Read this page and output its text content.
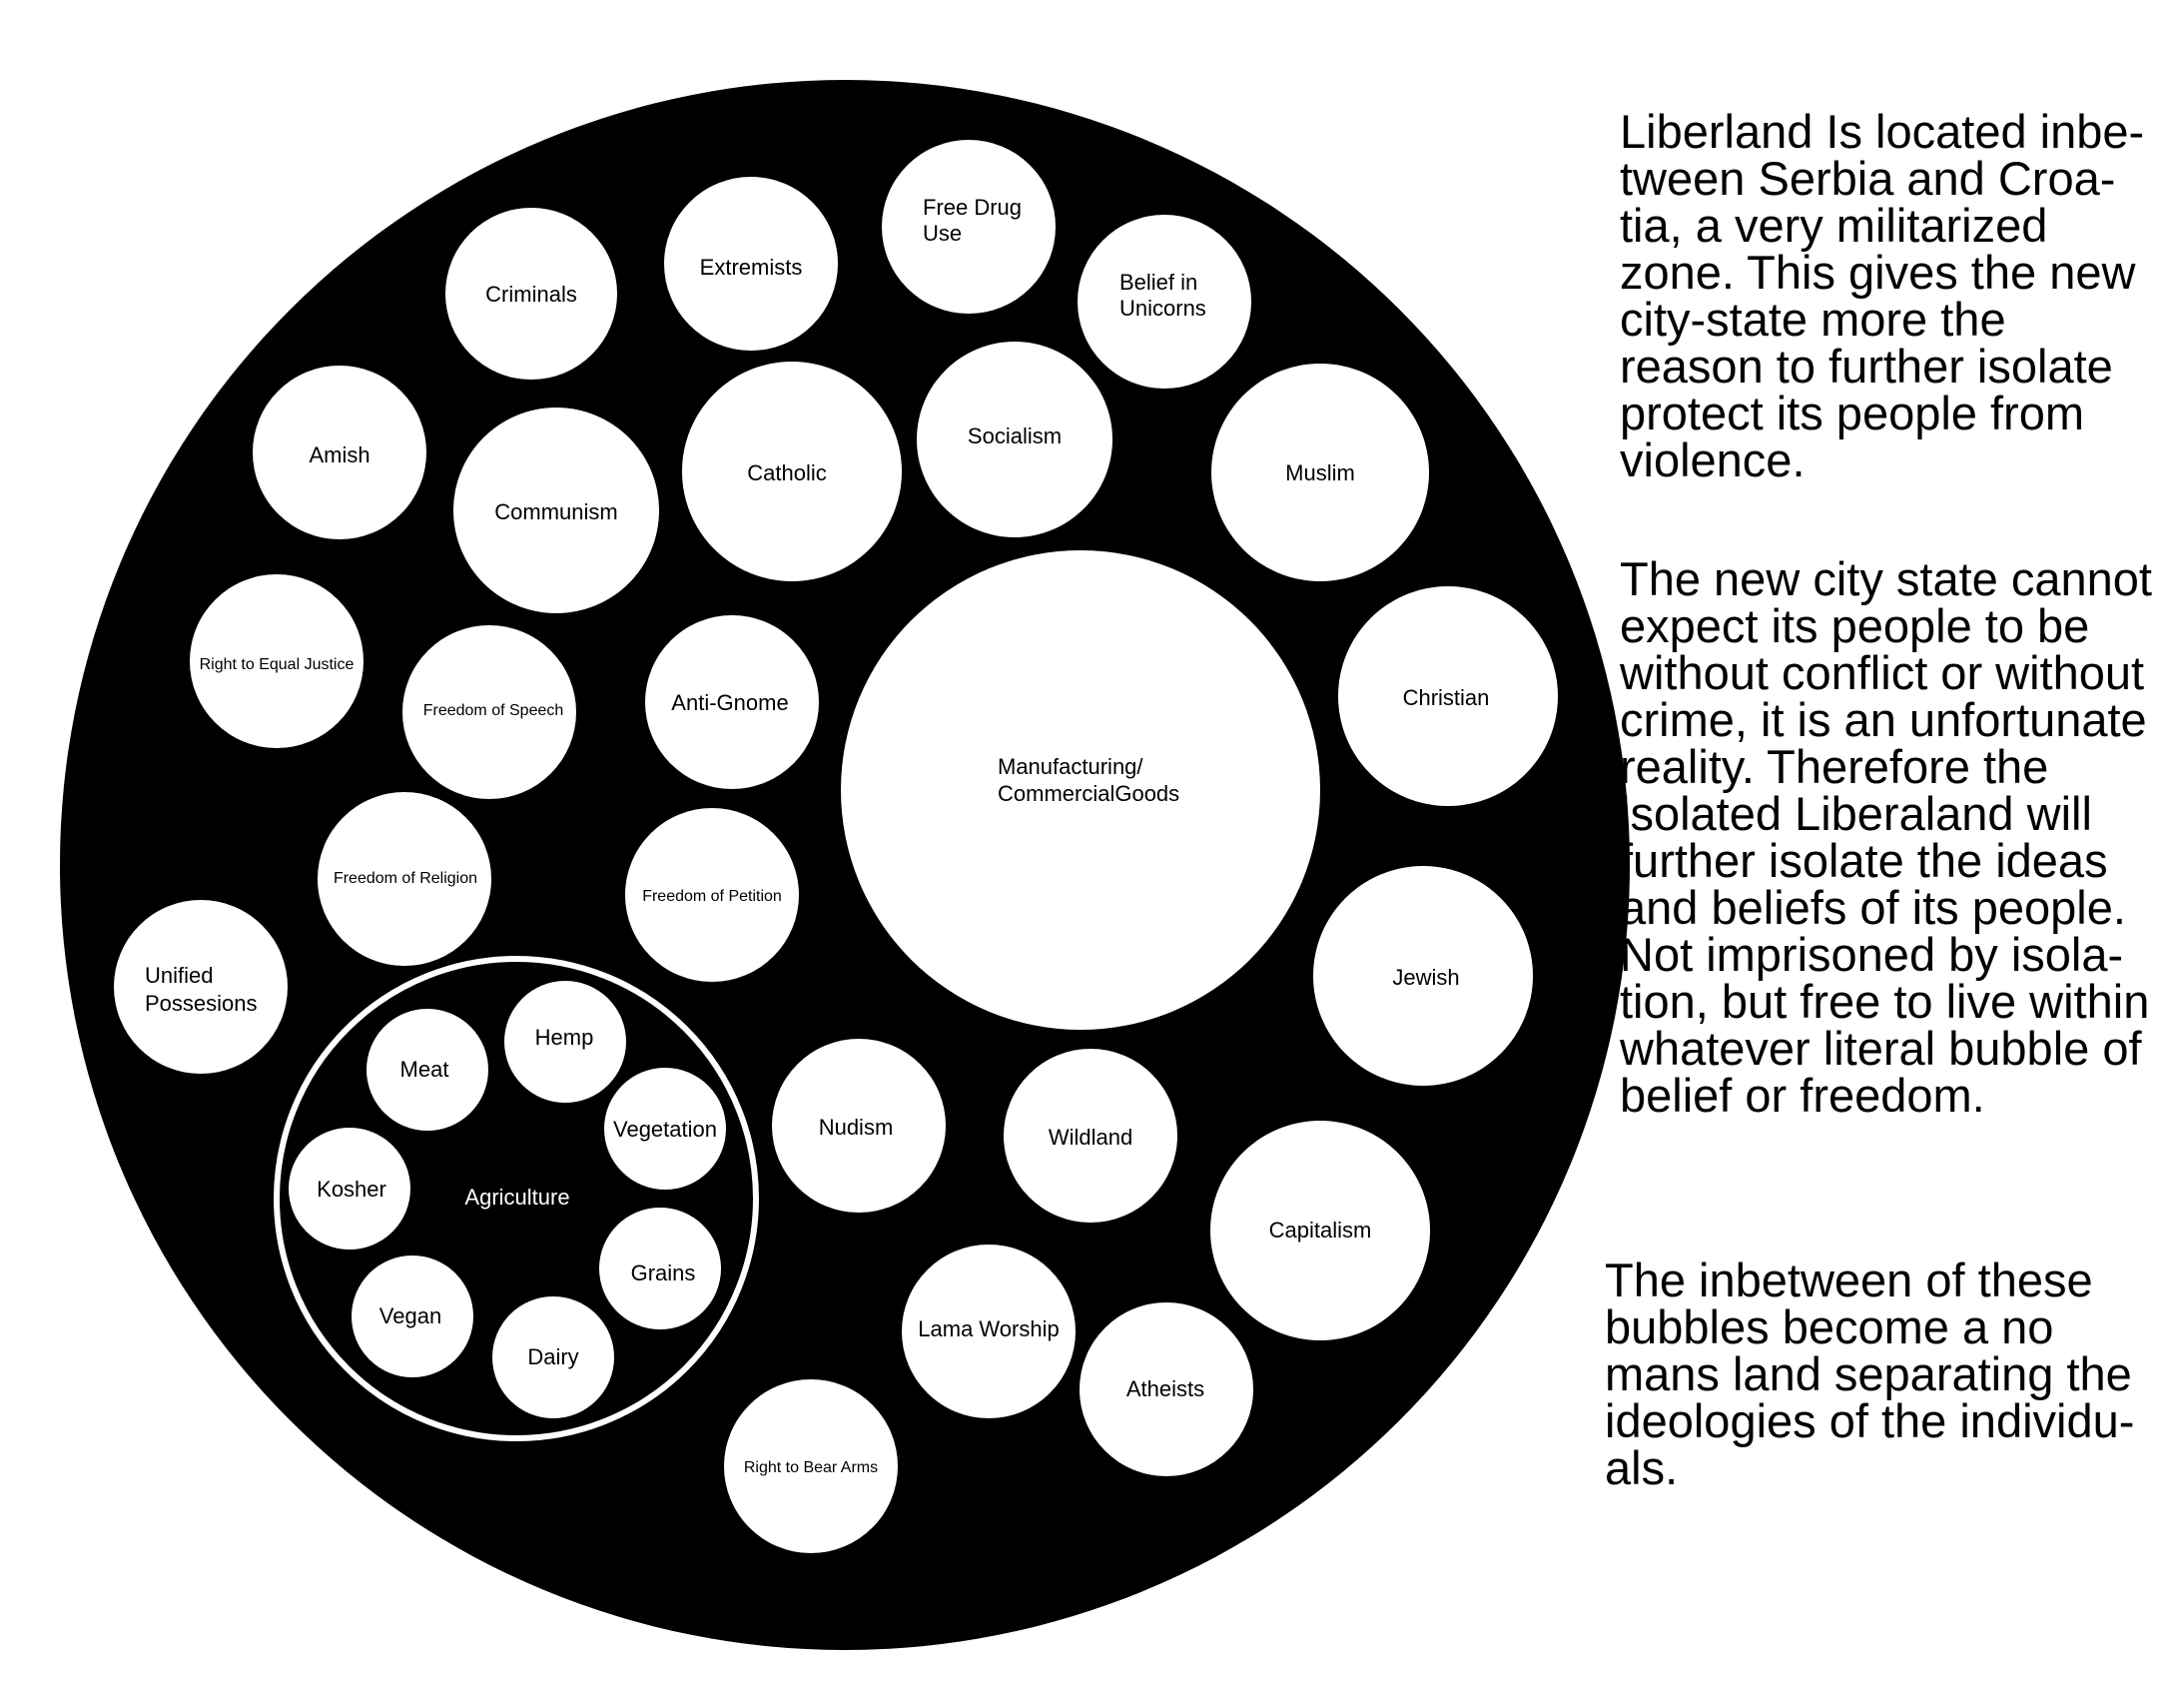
Criminals
Extremists
Free Drug Use
Belief in Unicorns
Amish
Communism
Catholic
Socialism
Muslim
Right to Equal Justice
Freedom of Speech	Anti-Gnome
Manufacturing/ CommercialGoods
Christian
Freedom of Religion
Freedom of Petition
Unified Possesions
Jewish
Agriculture
Meat
Hemp
Vegetation
Kosher
Grains
Vegan
Dairy
Nudism	Wildland
Capitalism
Lama Worship
Atheists
Right to Bear Arms
Liberland Is located inbe-
tween Serbia and Croa-
tia, a very militarized
zone. This gives the new
city-state more the
reason to further isolate
protect its people from
violence.
The new city state cannot
expect its people to be
without conflict or without
crime, it is an unfortunate
reality. Therefore the
isolated Liberaland will
further isolate the ideas
and beliefs of its people.
Not imprisoned by isola-
tion, but free to live within
whatever literal bubble of
belief or freedom.
The inbetween of these
bubbles become a no
mans land separating the
ideologies of the individu-
als.
